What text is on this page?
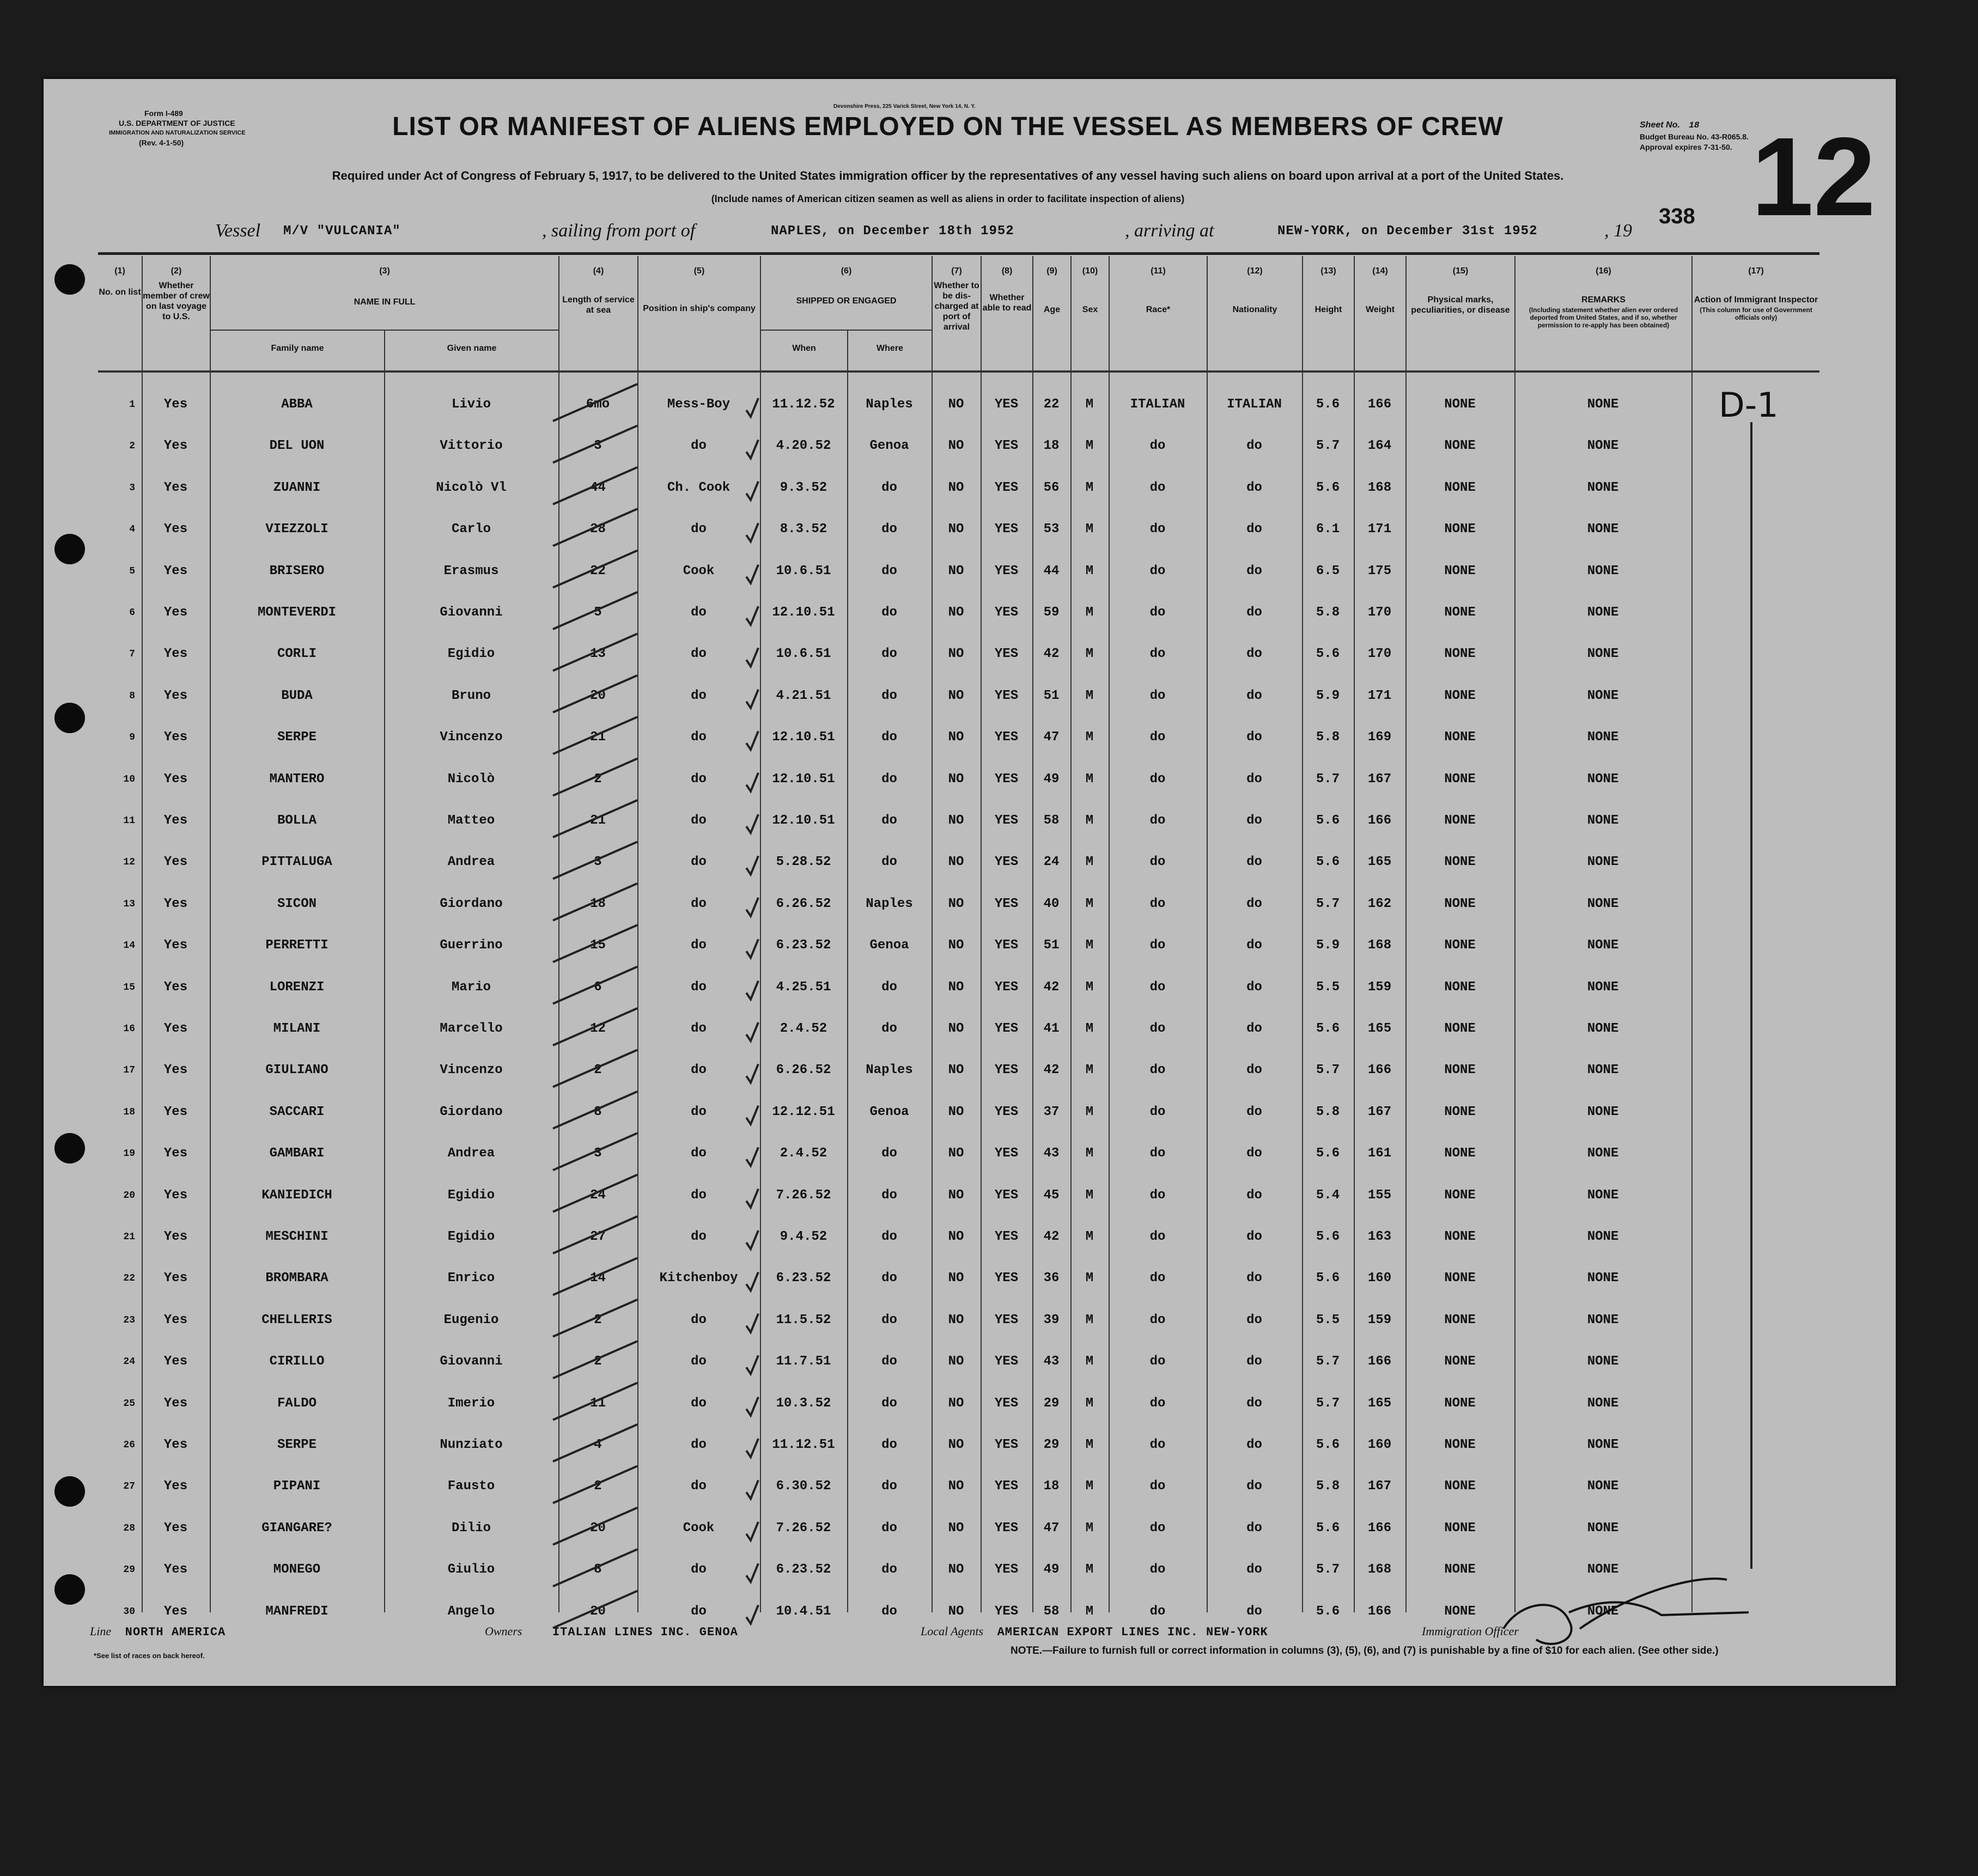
Form I-489
U.S. DEPARTMENT OF JUSTICE
IMMIGRATION AND NATURALIZATION SERVICE
(Rev. 4-1-50)
Devonshire Press, 225 Varick Street, New York 14, N. Y.
LIST OR MANIFEST OF ALIENS EMPLOYED ON THE VESSEL AS MEMBERS OF CREW
Required under Act of Congress of February 5, 1917, to be delivered to the United States immigration officer by the representatives of any vessel having such aliens on board upon arrival at a port of the United States.
(Include names of American citizen seamen as well as aliens in order to facilitate inspection of aliens)
Sheet No. 18
Budget Bureau No. 43-R065.8.
Approval expires 7-31-50.
338 12
Vessel M/V "VULCANIA"	, sailing from port of	NAPLES, on December 18th 1952	, arriving at	NEW-YORK, on December 31st 1952	, 19
(1)
No. on list
(2)
Whether member of crew on last voyage to U.S.
(3)
NAME IN FULL
Family name	Given name
(4)
Length of service at sea
(5)
Position in ship's company
(6)
SHIPPED OR ENGAGED
When	Where
(7)
Whether to be dis-charged at port of arrival
(8)
Whether able to read
(9)
Age
(10)
Sex
(11)
Race*
(12)
Nationality
(13)
Height
(14)
Weight
(15)
Physical marks, peculiarities, or disease
(16)
REMARKS
(Including statement whether alien ever ordered deported from United States, and if so, whether permission to re-apply has been obtained)
(17)
Action of Immigrant Inspector
(This column for use of Government officials only)
1	Yes	ABBA	Livio	6mo	Mess-Boy	11.12.52	Naples	NO	YES	22	M	ITALIAN	ITALIAN	5.6	166	NONE	NONE
2	Yes	DEL UON	Vittorio	3	do	4.20.52	Genoa	NO	YES	18	M	do	do	5.7	164	NONE	NONE
3	Yes	ZUANNI	Nicolò Vl	44	Ch. Cook	9.3.52	do	NO	YES	56	M	do	do	5.6	168	NONE	NONE
4	Yes	VIEZZOLI	Carlo	28	do	8.3.52	do	NO	YES	53	M	do	do	6.1	171	NONE	NONE
5	Yes	BRISERO	Erasmus	22	Cook	10.6.51	do	NO	YES	44	M	do	do	6.5	175	NONE	NONE
6	Yes	MONTEVERDI	Giovanni	5	do	12.10.51	do	NO	YES	59	M	do	do	5.8	170	NONE	NONE
7	Yes	CORLI	Egidio	13	do	10.6.51	do	NO	YES	42	M	do	do	5.6	170	NONE	NONE
8	Yes	BUDA	Bruno	20	do	4.21.51	do	NO	YES	51	M	do	do	5.9	171	NONE	NONE
9	Yes	SERPE	Vincenzo	21	do	12.10.51	do	NO	YES	47	M	do	do	5.8	169	NONE	NONE
10	Yes	MANTERO	Nicolò	2	do	12.10.51	do	NO	YES	49	M	do	do	5.7	167	NONE	NONE
11	Yes	BOLLA	Matteo	21	do	12.10.51	do	NO	YES	58	M	do	do	5.6	166	NONE	NONE
12	Yes	PITTALUGA	Andrea	3	do	5.28.52	do	NO	YES	24	M	do	do	5.6	165	NONE	NONE
13	Yes	SICON	Giordano	18	do	6.26.52	Naples	NO	YES	40	M	do	do	5.7	162	NONE	NONE
14	Yes	PERRETTI	Guerrino	15	do	6.23.52	Genoa	NO	YES	51	M	do	do	5.9	168	NONE	NONE
15	Yes	LORENZI	Mario	6	do	4.25.51	do	NO	YES	42	M	do	do	5.5	159	NONE	NONE
16	Yes	MILANI	Marcello	12	do	2.4.52	do	NO	YES	41	M	do	do	5.6	165	NONE	NONE
17	Yes	GIULIANO	Vincenzo	2	do	6.26.52	Naples	NO	YES	42	M	do	do	5.7	166	NONE	NONE
18	Yes	SACCARI	Giordano	8	do	12.12.51	Genoa	NO	YES	37	M	do	do	5.8	167	NONE	NONE
19	Yes	GAMBARI	Andrea	3	do	2.4.52	do	NO	YES	43	M	do	do	5.6	161	NONE	NONE
20	Yes	KANIEDICH	Egidio	24	do	7.26.52	do	NO	YES	45	M	do	do	5.4	155	NONE	NONE
21	Yes	MESCHINI	Egidio	27	do	9.4.52	do	NO	YES	42	M	do	do	5.6	163	NONE	NONE
22	Yes	BROMBARA	Enrico	14	Kitchenboy	6.23.52	do	NO	YES	36	M	do	do	5.6	160	NONE	NONE
23	Yes	CHELLERIS	Eugenio	2	do	11.5.52	do	NO	YES	39	M	do	do	5.5	159	NONE	NONE
24	Yes	CIRILLO	Giovanni	2	do	11.7.51	do	NO	YES	43	M	do	do	5.7	166	NONE	NONE
25	Yes	FALDO	Imerio	11	do	10.3.52	do	NO	YES	29	M	do	do	5.7	165	NONE	NONE
26	Yes	SERPE	Nunziato	4	do	11.12.51	do	NO	YES	29	M	do	do	5.6	160	NONE	NONE
27	Yes	PIPANI	Fausto	2	do	6.30.52	do	NO	YES	18	M	do	do	5.8	167	NONE	NONE
28	Yes	GIANGARE?	Dilio	20	Cook	7.26.52	do	NO	YES	47	M	do	do	5.6	166	NONE	NONE
29	Yes	MONEGO	Giulio	8	do	6.23.52	do	NO	YES	49	M	do	do	5.7	168	NONE	NONE
30	Yes	MANFREDI	Angelo	20	do	10.4.51	do	NO	YES	58	M	do	do	5.6	166	NONE	NONE
D-1
Line NORTH AMERICA	Owners	ITALIAN LINES INC. GENOA	Local Agents AMERICAN EXPORT LINES INC. NEW-YORK	Immigration Officer
*See list of races on back hereof.	NOTE.—Failure to furnish full or correct information in columns (3), (5), (6), and (7) is punishable by a fine of $10 for each alien. (See other side.)
